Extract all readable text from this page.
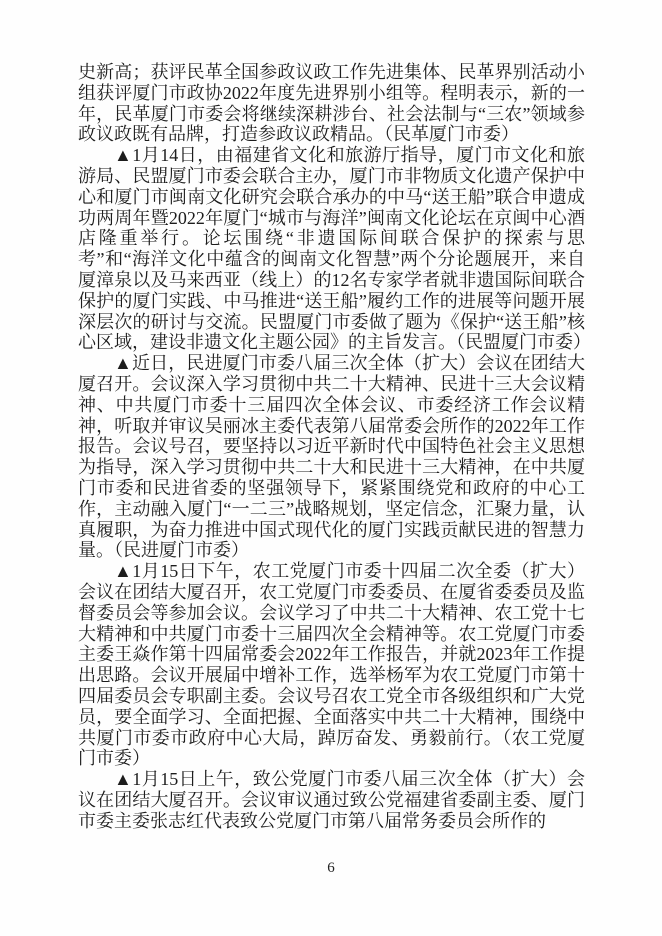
史新高；获评民革全国参政议政工作先进集体、民革界别活动小组获评厦门市政协2022年度先进界别小组等。程明表示，新的一年，民革厦门市委会将继续深耕涉台、社会法制与“三农”领域参政议政既有品牌，打造参政议政精品。（民革厦门市委）

▲1月14日，由福建省文化和旅游厅指导，厦门市文化和旅游局、民盟厦门市委会联合主办，厦门市非物质文化遗产保护中心和厦门市闽南文化研究会联合承办的中马“送王船”联合申遗成功两周年暨2022年厦门“城市与海洋”闽南文化论坛在京闽中心酒店隆重举行。论坛围绕“非遗国际间联合保护的探索与思考”和“海洋文化中蕴含的闽南文化智慧”两个分论题展开，来自厦漳泉以及马来西亚（线上）的12名专家学者就非遗国际间联合保护的厦门实践、中马推进“送王船”履约工作的进展等问题开展深层次的研讨与交流。民盟厦门市委做了题为《保护“送王船”核心区域，建设非遗文化主题公园》的主旨发言。（民盟厦门市委）

▲近日，民进厦门市委八届三次全体（扩大）会议在团结大厦召开。会议深入学习贯彻中共二十大精神、民进十三大会议精神、中共厦门市委十三届四次全体会议、市委经济工作会议精神，听取并审议吴丽冰主委代表第八届常委会所作的2022年工作报告。会议号召，要坚持以习近平新时代中国特色社会主义思想为指导，深入学习贯彻中共二十大和民进十三大精神，在中共厦门市委和民进省委的坚强领导下，紧紧围绕党和政府的中心工作，主动融入厦门“一二三”战略规划，坚定信念，汇聚力量，认真履职，为奋力推进中国式现代化的厦门实践贡献民进的智慧力量。（民进厦门市委）

▲1月15日下午，农工党厦门市委十四届二次全委（扩大）会议在团结大厦召开，农工党厦门市委委员、在厦省委委员及监督委员会等参加会议。会议学习了中共二十大精神、农工党十七大精神和中共厦门市委十三届四次全会精神等。农工党厦门市委主委王焱作第十四届常委会2022年工作报告，并就2023年工作提出思路。会议开展届中增补工作，选举杨军为农工党厦门市第十四届委员会专职副主委。会议号召农工党全市各级组织和广大党员，要全面学习、全面把握、全面落实中共二十大精神，围绕中共厦门市委市政府中心大局，踔厉奋发、勇毅前行。（农工党厦门市委）

▲1月15日上午，致公党厦门市委八届三次全体（扩大）会议在团结大厦召开。会议审议通过致公党福建省委副主委、厦门市委主委张志红代表致公党厦门市第八届常务委员会所作的

6
